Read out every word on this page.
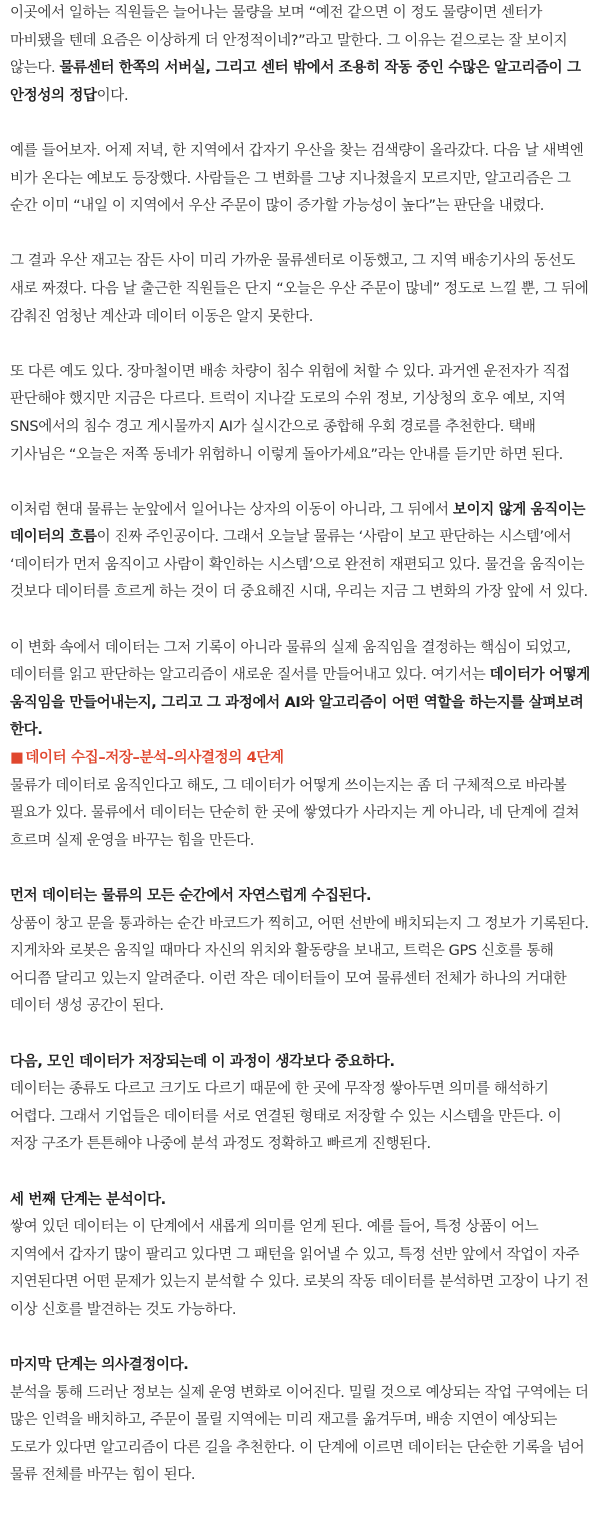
이곳에서 일하는 직원들은 늘어나는 물량을 보며 “예전 같으면 이 정도 물량이면 센터가 마비됐을 텐데 요즘은 이상하게 더 안정적이네?”라고 말한다. 그 이유는 겉으로는 잘 보이지 않는다. 물류센터 한쪽의 서버실, 그리고 센터 밖에서 조용히 작동 중인 수많은 알고리즘이 그 안정성의 정답이다.

예를 들어보자. 어제 저녁, 한 지역에서 갑자기 우산을 찾는 검색량이 올라갔다. 다음 날 새벽엔 비가 온다는 예보도 등장했다. 사람들은 그 변화를 그냥 지나쳤을지 모르지만, 알고리즘은 그 순간 이미 “내일 이 지역에서 우산 주문이 많이 증가할 가능성이 높다”는 판단을 내렸다.

그 결과 우산 재고는 잠든 사이 미리 가까운 물류센터로 이동했고, 그 지역 배송기사의 동선도 새로 짜졌다. 다음 날 출근한 직원들은 단지 “오늘은 우산 주문이 많네” 정도로 느낄 뿐, 그 뒤에 감춰진 엄청난 계산과 데이터 이동은 알지 못한다.

또 다른 예도 있다. 장마철이면 배송 차량이 침수 위험에 처할 수 있다. 과거엔 운전자가 직접 판단해야 했지만 지금은 다르다. 트럭이 지나갈 도로의 수위 정보, 기상청의 호우 예보, 지역 SNS에서의 침수 경고 게시물까지 AI가 실시간으로 종합해 우회 경로를 추천한다. 택배 기사님은 “오늘은 저쪽 동네가 위험하니 이렇게 돌아가세요”라는 안내를 듣기만 하면 된다.

이처럼 현대 물류는 눈앞에서 일어나는 상자의 이동이 아니라, 그 뒤에서 보이지 않게 움직이는 데이터의 흐름이 진짜 주인공이다. 그래서 오늘날 물류는 ‘사람이 보고 판단하는 시스템’에서 ‘데이터가 먼저 움직이고 사람이 확인하는 시스템’으로 완전히 재편되고 있다. 물건을 움직이는 것보다 데이터를 흐르게 하는 것이 더 중요해진 시대, 우리는 지금 그 변화의 가장 앞에 서 있다.

이 변화 속에서 데이터는 그저 기록이 아니라 물류의 실제 움직임을 결정하는 핵심이 되었고, 데이터를 읽고 판단하는 알고리즘이 새로운 질서를 만들어내고 있다. 여기서는 데이터가 어떻게 움직임을 만들어내는지, 그리고 그 과정에서 AI와 알고리즘이 어떤 역할을 하는지를 살펴보려 한다.

■ 데이터 수집–저장–분석–의사결정의 4단계

물류가 데이터로 움직인다고 해도, 그 데이터가 어떻게 쓰이는지는 좀 더 구체적으로 바라볼 필요가 있다. 물류에서 데이터는 단순히 한 곳에 쌓였다가 사라지는 게 아니라, 네 단계에 걸쳐 흐르며 실제 운영을 바꾸는 힘을 만든다.

먼저 데이터는 물류의 모든 순간에서 자연스럽게 수집된다.

상품이 창고 문을 통과하는 순간 바코드가 찍히고, 어떤 선반에 배치되는지 그 정보가 기록된다. 지게차와 로봇은 움직일 때마다 자신의 위치와 활동량을 보내고, 트럭은 GPS 신호를 통해 어디쯤 달리고 있는지 알려준다. 이런 작은 데이터들이 모여 물류센터 전체가 하나의 거대한 데이터 생성 공간이 된다.

다음, 모인 데이터가 저장되는데 이 과정이 생각보다 중요하다.

데이터는 종류도 다르고 크기도 다르기 때문에 한 곳에 무작정 쌓아두면 의미를 해석하기 어렵다. 그래서 기업들은 데이터를 서로 연결된 형태로 저장할 수 있는 시스템을 만든다. 이 저장 구조가 튼튼해야 나중에 분석 과정도 정확하고 빠르게 진행된다.

세 번째 단계는 분석이다.

쌓여 있던 데이터는 이 단계에서 새롭게 의미를 얻게 된다. 예를 들어, 특정 상품이 어느 지역에서 갑자기 많이 팔리고 있다면 그 패턴을 읽어낼 수 있고, 특정 선반 앞에서 작업이 자주 지연된다면 어떤 문제가 있는지 분석할 수 있다. 로봇의 작동 데이터를 분석하면 고장이 나기 전 이상 신호를 발견하는 것도 가능하다.

마지막 단계는 의사결정이다.

분석을 통해 드러난 정보는 실제 운영 변화로 이어진다. 밀릴 것으로 예상되는 작업 구역에는 더 많은 인력을 배치하고, 주문이 몰릴 지역에는 미리 재고를 옮겨두며, 배송 지연이 예상되는 도로가 있다면 알고리즘이 다른 길을 추천한다. 이 단계에 이르면 데이터는 단순한 기록을 넘어 물류 전체를 바꾸는 힘이 된다.
